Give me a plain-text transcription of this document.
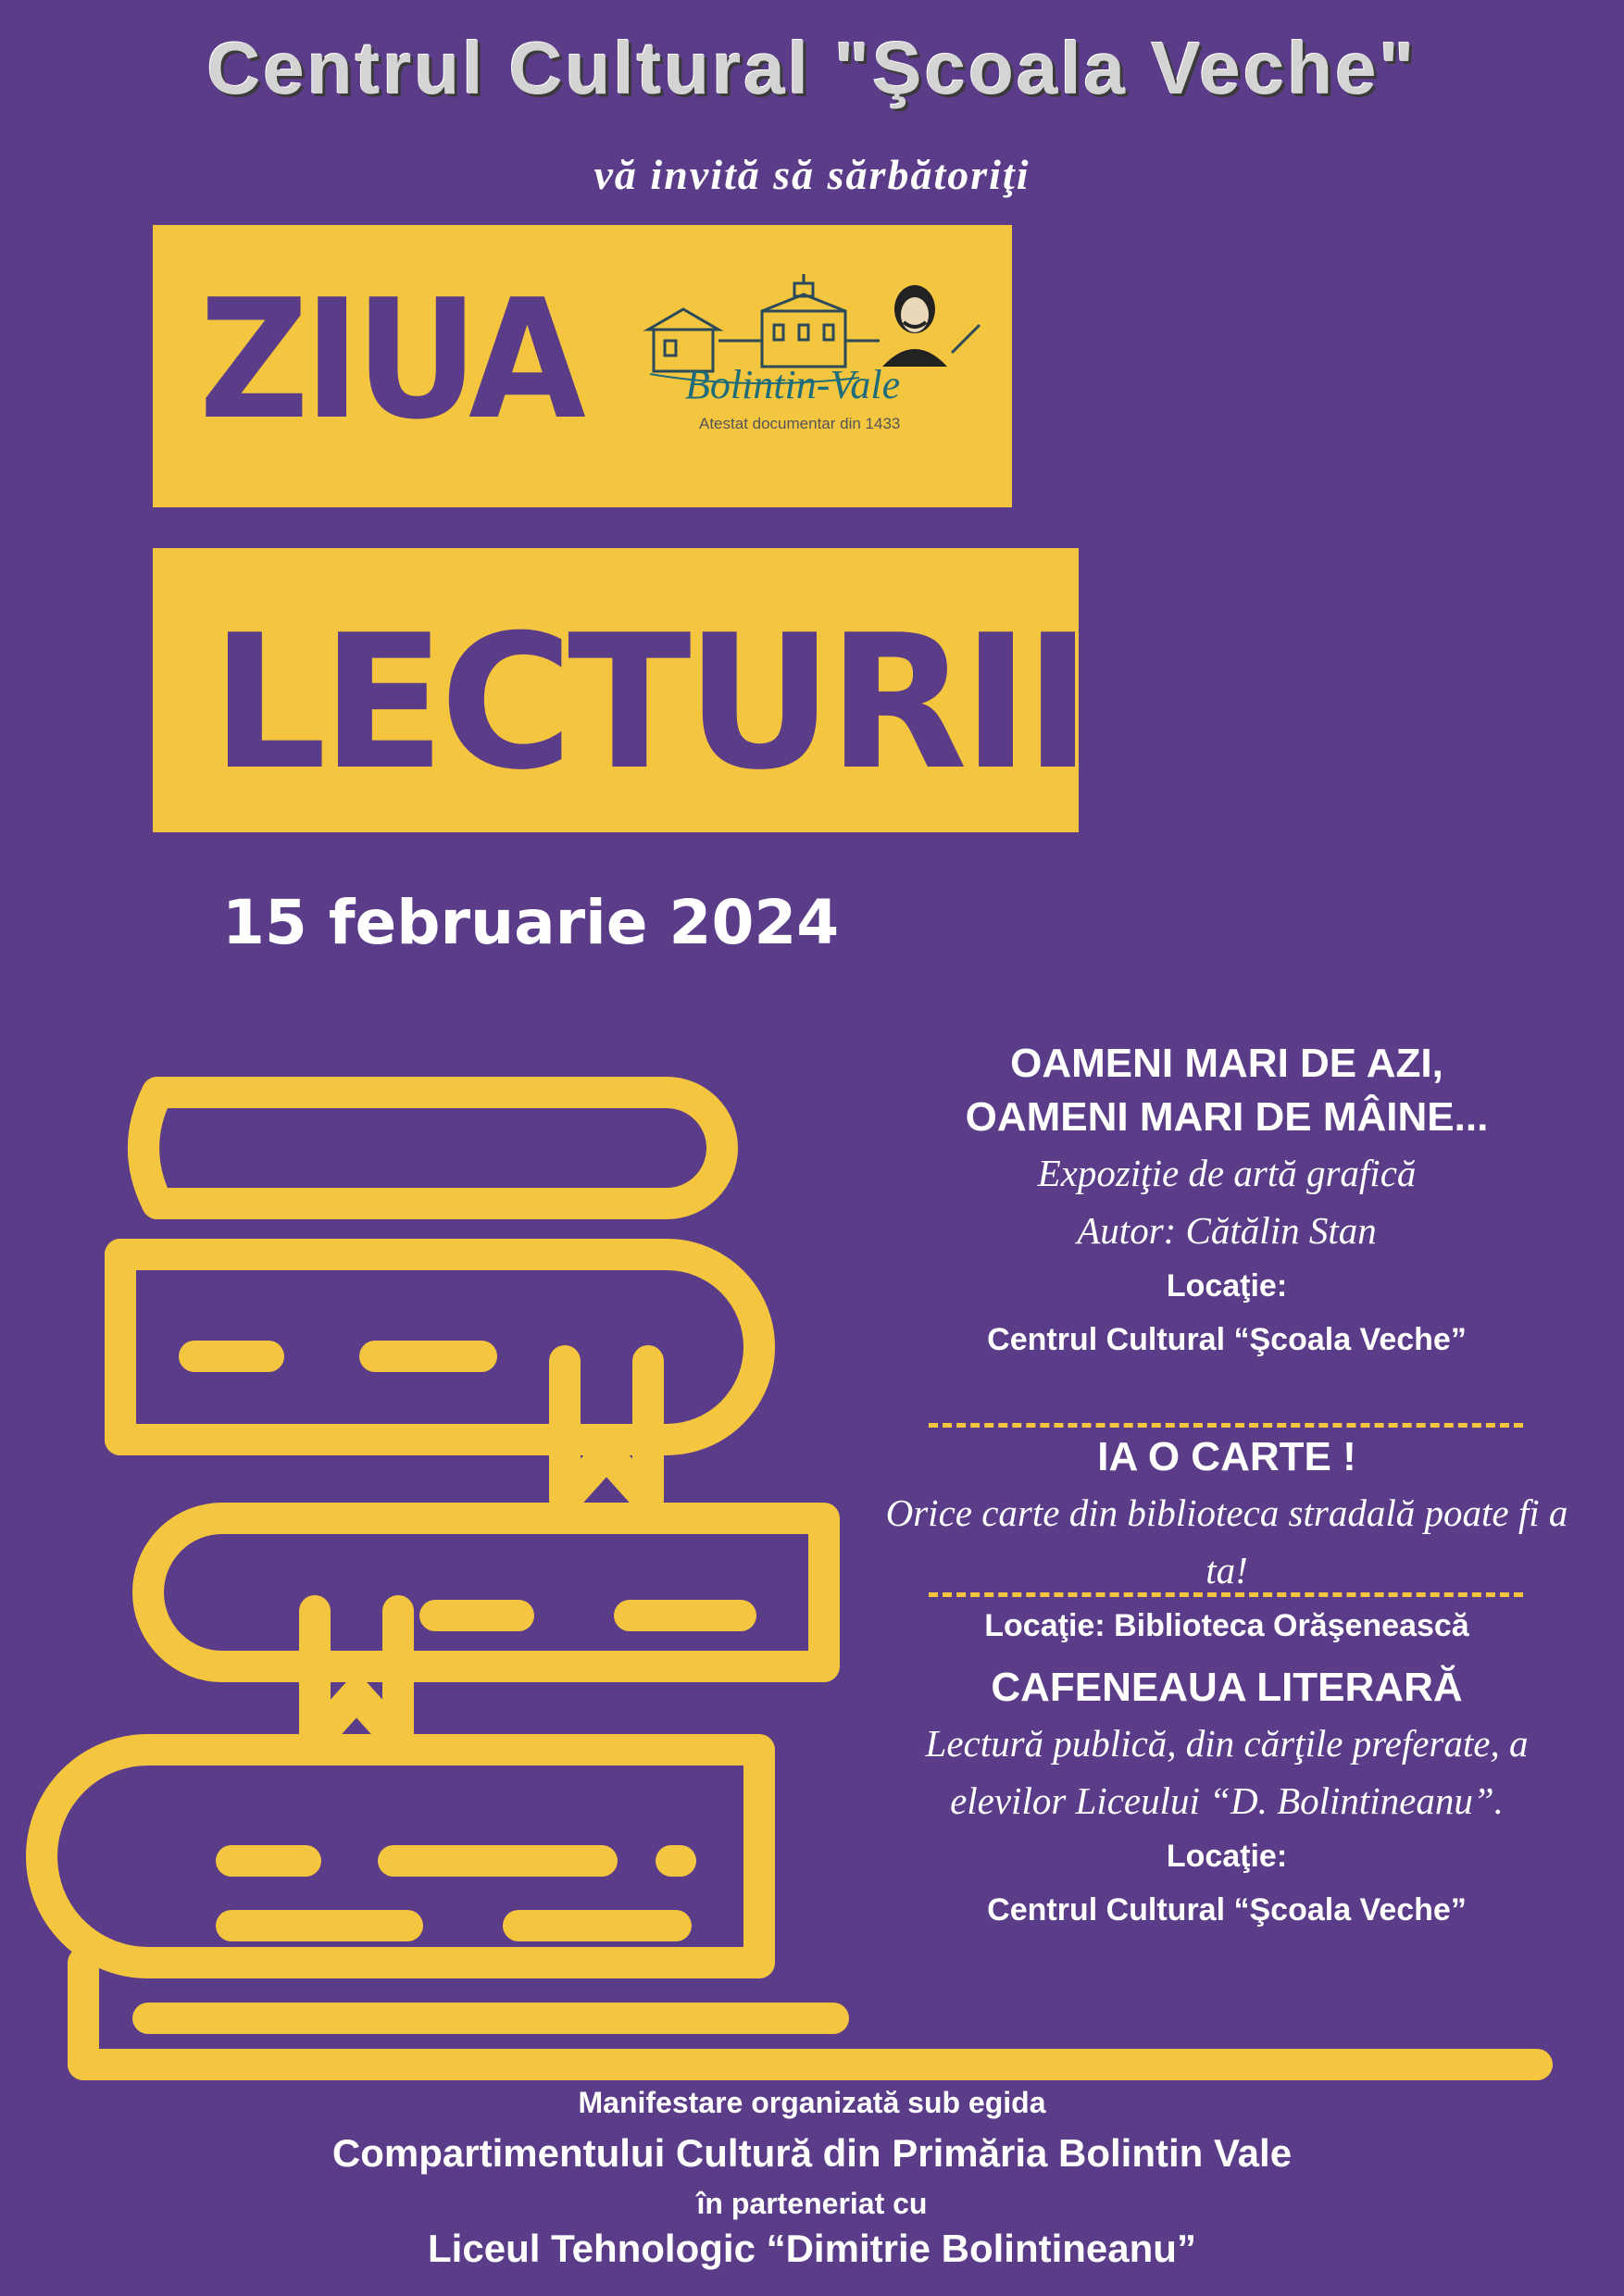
Centrul Cultural "Şcoala Veche"
vă invită să sărbătoriţi
ZIUA
LECTURII
Bolintin-Vale
Atestat documentar din 1433
15 februarie 2024
OAMENI MARI DE AZI,
OAMENI MARI DE MÂINE...
Expoziţie de artă grafică
Autor: Cătălin Stan
Locaţie:
Centrul Cultural “Şcoala Veche”
IA O CARTE !
Orice carte din biblioteca stradală poate fi a ta!
Locaţie: Biblioteca Orăşenească
CAFENEAUA LITERARĂ
Lectură publică, din cărţile preferate, a
elevilor Liceului “D. Bolintineanu”.
Locaţie:
Centrul Cultural “Şcoala Veche”
Manifestare organizată sub egida
Compartimentului Cultură din Primăria Bolintin Vale
în parteneriat cu
Liceul Tehnologic “Dimitrie Bolintineanu”
